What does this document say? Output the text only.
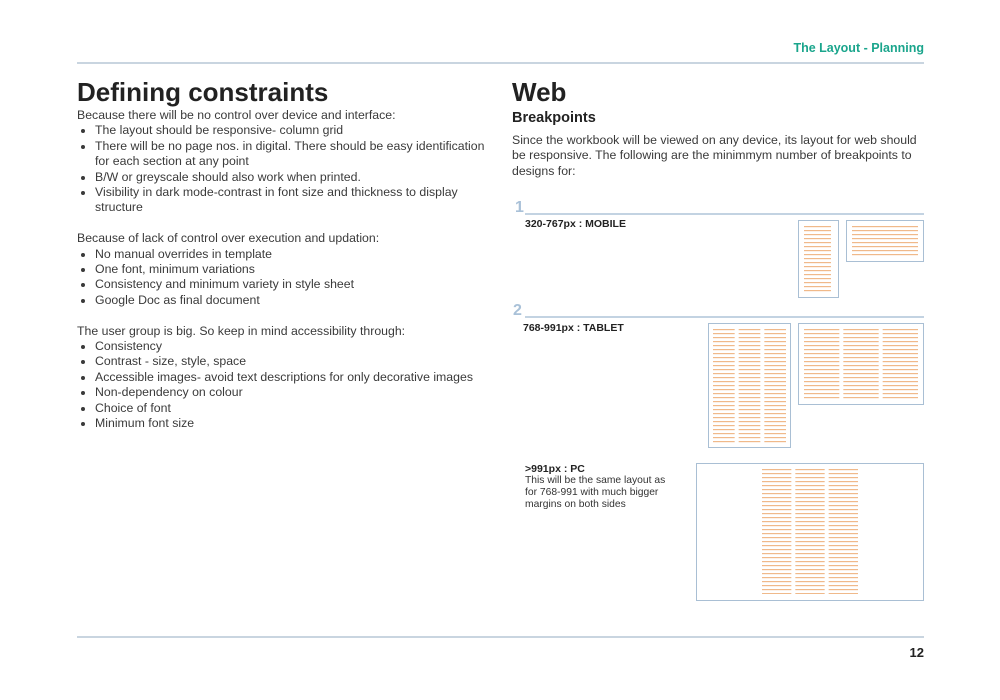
The Layout - Planning
Defining constraints

Because there will be no control over device and interface:

• The layout should be responsive- column grid
• There will be no page nos. in digital. There should be easy identification for each section at any point
• B/W or greyscale should also work when printed.
• Visibility in dark mode-contrast in font size and thickness to display structure

Because of lack of control over execution and updation:

• No manual overrides in template
• One font, minimum variations
• Consistency and minimum variety in style sheet
• Google Doc as final document

The user group is big. So keep in mind accessibility through:

• Consistency
• Contrast - size, style, space
• Accessible images- avoid text descriptions for only decorative images
• Non-dependency on colour
• Choice of font
• Minimum font size
Web
Breakpoints

Since the workbook will be viewed on any device, its layout for web should be responsive. The following are the minimmym number of breakpoints to designs for:

1
320-767px : MOBILE
2
768-991px : TABLET
>991px : PC
This will be the same layout as for 768-991 with much bigger margins on both sides
12
